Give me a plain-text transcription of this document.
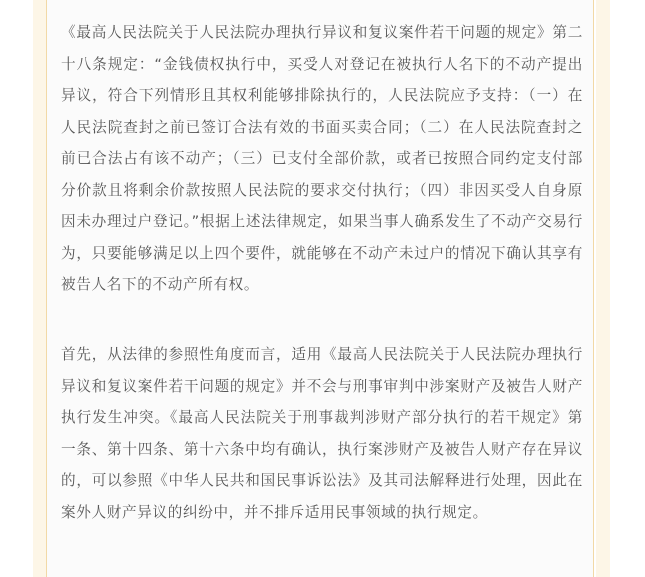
《最高人民法院关于人民法院办理执行异议和复议案件若干问题的规定》第二十八条规定：“金钱债权执行中，买受人对登记在被执行人名下的不动产提出异议，符合下列情形且其权利能够排除执行的，人民法院应予支持：（一）在人民法院查封之前已签订合法有效的书面买卖合同；（二）在人民法院查封之前已合法占有该不动产；（三）已支付全部价款，或者已按照合同约定支付部分价款且将剩余价款按照人民法院的要求交付执行；（四）非因买受人自身原因未办理过户登记。”根据上述法律规定，如果当事人确系发生了不动产交易行为，只要能够满足以上四个要件，就能够在不动产未过户的情况下确认其享有被告人名下的不动产所有权。

首先，从法律的参照性角度而言，适用《最高人民法院关于人民法院办理执行异议和复议案件若干问题的规定》并不会与刑事审判中涉案财产及被告人财产执行发生冲突。《最高人民法院关于刑事裁判涉财产部分执行的若干规定》第一条、第十四条、第十六条中均有确认，执行案涉财产及被告人财产存在异议的，可以参照《中华人民共和国民事诉讼法》及其司法解释进行处理，因此在案外人财产异议的纠纷中，并不排斥适用民事领域的执行规定。
